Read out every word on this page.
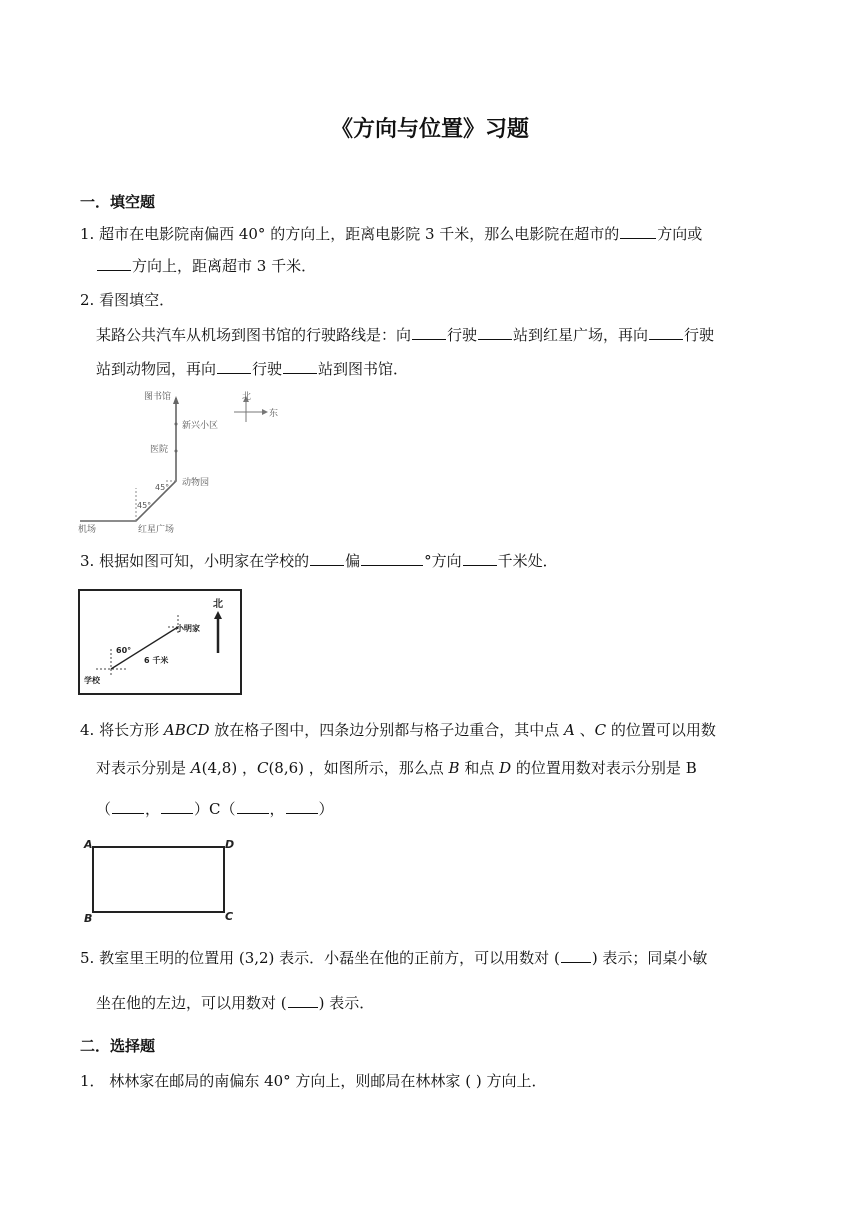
《方向与位置》习题
一．填空题
1. 超市在电影院南偏西 40° 的方向上，距离电影院 3 千米，那么电影院在超市的	方向或
方向上，距离超市 3 千米．
2. 看图填空．
某路公共汽车从机场到图书馆的行驶路线是：向 行驶 站到红星广场，再向 行驶
站到动物园，再向 行驶 站到图书馆．
北
东
图书馆
新兴小区
医院
动物园
45°
45°
机场	红星广场
3. 根据如图可知，小明家在学校的 偏	°方向 千米处．
北
60°
6 千米
小明家
学校
4. 将长方形 ABCD 放在格子图中，四条边分别都与格子边重合，其中点 A 、C 的位置可以用数
对表示分别是 A(4,8) ，C(8,6) ，如图所示，那么点 B 和点 D 的位置用数对表示分别是 B
（ ， ）C（ ， ）
A	D
B	C
5. 教室里王明的位置用 (3,2) 表示．小磊坐在他的正前方，可以用数对 ( ) 表示；同桌小敏
坐在他的左边，可以用数对 ( ) 表示．
二．选择题
1． 林林家在邮局的南偏东 40° 方向上，则邮局在林林家 ( ) 方向上．
